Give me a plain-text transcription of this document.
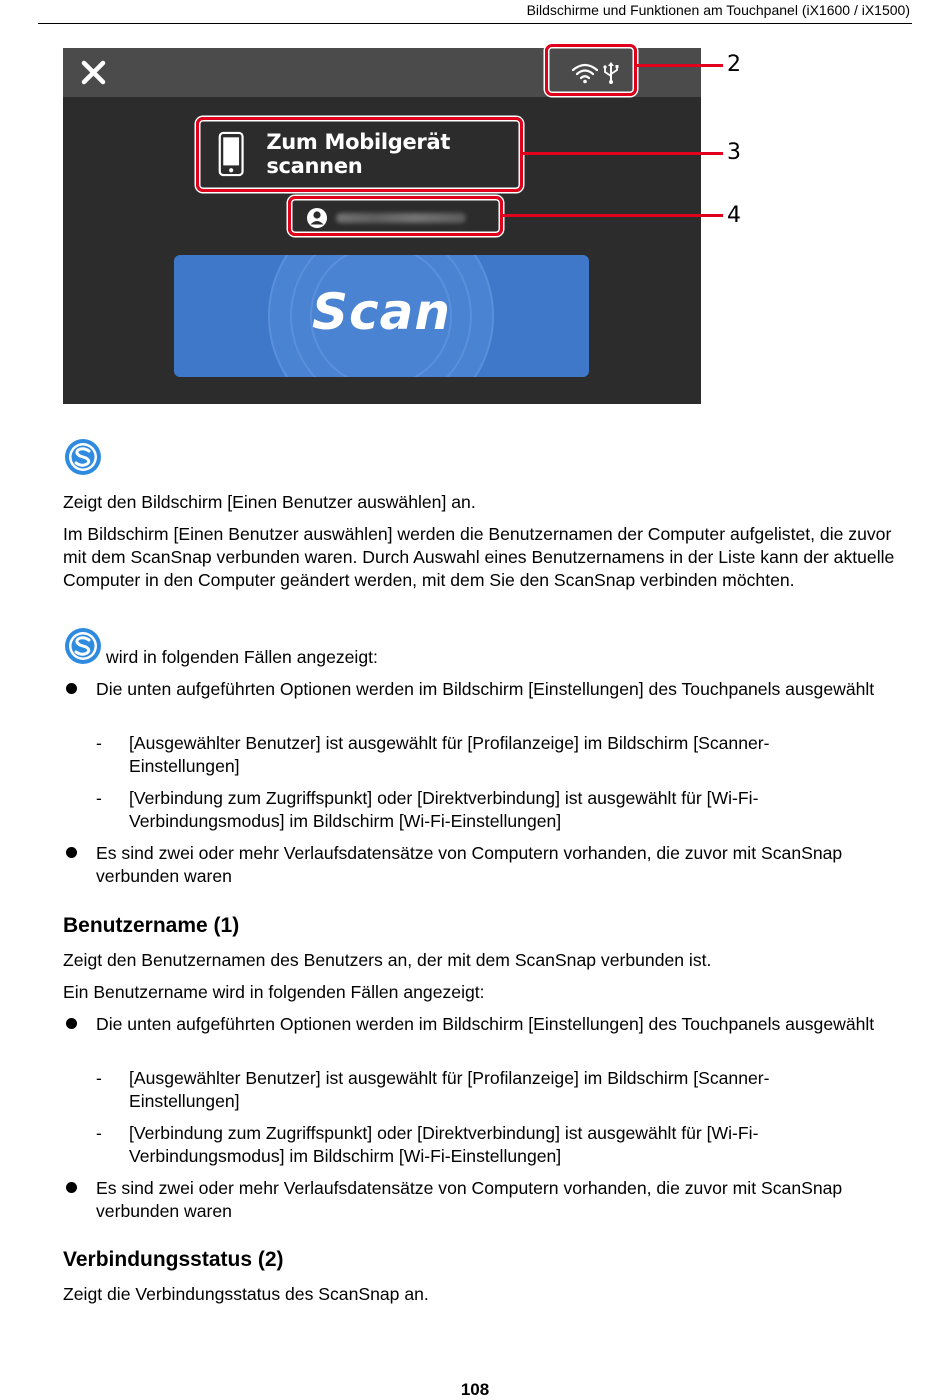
Bildschirme und Funktionen am Touchpanel (iX1600 / iX1500)
Zum Mobilgerät scannen
Scan
2
3
4

Zeigt den Bildschirm [Einen Benutzer auswählen] an.

Im Bildschirm [Einen Benutzer auswählen] werden die Benutzernamen der Computer aufgelistet, die zuvor mit dem ScanSnap verbunden waren. Durch Auswahl eines Benutzernamens in der Liste kann der aktuelle Computer in den Computer geändert werden, mit dem Sie den ScanSnap verbinden möchten.

wird in folgenden Fällen angezeigt:

Die unten aufgeführten Optionen werden im Bildschirm [Einstellungen] des Touchpanels ausgewählt

- [Ausgewählter Benutzer] ist ausgewählt für [Profilanzeige] im Bildschirm [Scanner-Einstellungen]

- [Verbindung zum Zugriffspunkt] oder [Direktverbindung] ist ausgewählt für [Wi-Fi-Verbindungsmodus] im Bildschirm [Wi-Fi-Einstellungen]

Es sind zwei oder mehr Verlaufsdatensätze von Computern vorhanden, die zuvor mit ScanSnap verbunden waren

Benutzername (1)

Zeigt den Benutzernamen des Benutzers an, der mit dem ScanSnap verbunden ist.

Ein Benutzername wird in folgenden Fällen angezeigt:

Die unten aufgeführten Optionen werden im Bildschirm [Einstellungen] des Touchpanels ausgewählt

- [Ausgewählter Benutzer] ist ausgewählt für [Profilanzeige] im Bildschirm [Scanner-Einstellungen]

- [Verbindung zum Zugriffspunkt] oder [Direktverbindung] ist ausgewählt für [Wi-Fi-Verbindungsmodus] im Bildschirm [Wi-Fi-Einstellungen]

Es sind zwei oder mehr Verlaufsdatensätze von Computern vorhanden, die zuvor mit ScanSnap verbunden waren

Verbindungsstatus (2)

Zeigt die Verbindungsstatus des ScanSnap an.

108
